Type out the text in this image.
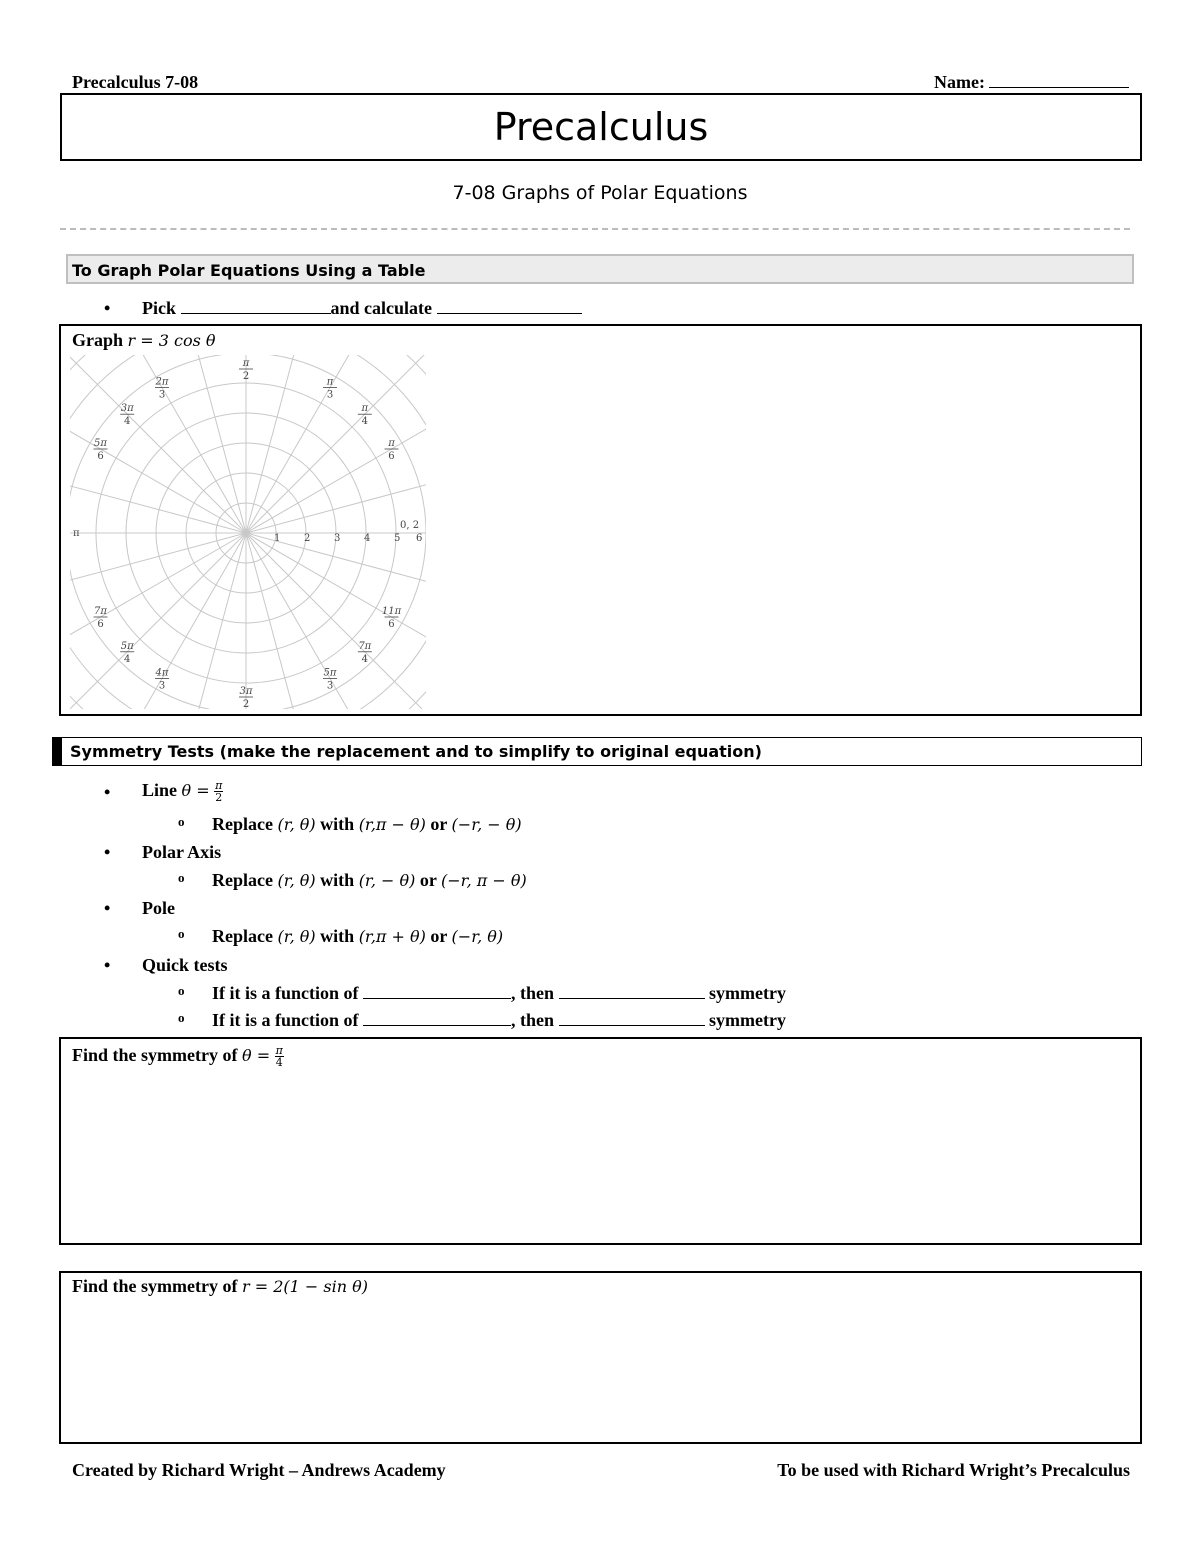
Precalculus 7-08	Name:
Precalculus
7-08 Graphs of Polar Equations
To Graph Polar Equations Using a Table
• Pick	and calculate
Graph r = 3 cos θ
1 2 3 4 5
0, 2
6
π
π
2
π
3
π
4
π
6
2π
3
3π
4
5π
6
7π
6
5π
4
4π
3
3π
2
5π
3
7π
4
11π
6
Symmetry Tests (make the replacement and to simplify to original equation)
• Line $\theta = \frac{\pi}{2}$
o Replace (r, θ) with (r,π − θ) or (−r, − θ)
• Polar Axis
o Replace (r, θ) with (r, − θ) or (−r, π − θ)
• Pole
o Replace (r, θ) with (r,π + θ) or (−r, θ)
• Quick tests
o If it is a function of	, then	symmetry
o If it is a function of	, then	symmetry
Find the symmetry of $\theta = \frac{\pi}{4}$
Find the symmetry of r = 2(1 − sin θ)
Created by Richard Wright – Andrews Academy	To be used with Richard Wright’s Precalculus
